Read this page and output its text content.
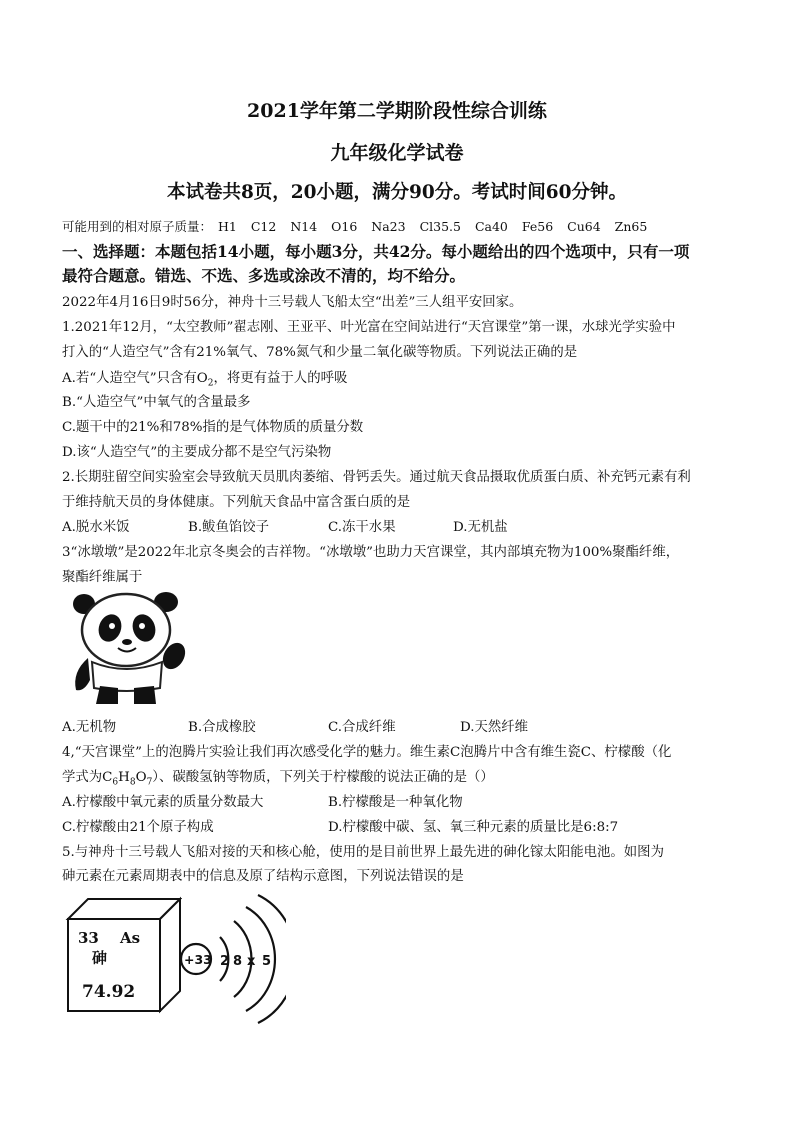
2021学年第二学期阶段性综合训练
九年级化学试卷
本试卷共8页，20小题，满分90分。考试时间60分钟。
可能用到的相对原子质量： H1 C12 N14 O16 Na23 Cl35.5 Ca40 Fe56 Cu64 Zn65
一、选择题：本题包括14小题，每小题3分，共42分。每小题给出的四个选项中，只有一项
最符合题意。错选、不选、多选或涂改不清的，均不给分。
2022年4月16日9时56分，神舟十三号载人飞船太空“出差”三人组平安回家。
1.2021年12月，“太空教师”翟志刚、王亚平、叶光富在空间站进行“天宫课堂”第一课，水球光学实验中
打入的“人造空气”含有21%氧气、78%氮气和少量二氧化碳等物质。下列说法正确的是
A.若“人造空气”只含有$O_2$，将更有益于人的呼吸
B.“人造空气”中氧气的含量最多
C.题干中的21%和78%指的是气体物质的质量分数
D.该“人造空气”的主要成分都不是空气污染物
2.长期驻留空间实验室会导致航天员肌肉萎缩、骨钙丢失。通过航天食品摄取优质蛋白质、补充钙元素有利
于维持航天员的身体健康。下列航天食品中富含蛋白质的是
A.脱水米饭	B.鲅鱼馅饺子	C.冻干水果	D.无机盐
3“冰墩墩”是2022年北京冬奥会的吉祥物。“冰墩墩”也助力天宫课堂，其内部填充物为100%聚酯纤维，
聚酯纤维属于
A.无机物	B.合成橡胶	C.合成纤维	D.天然纤维
4,“天宫课堂”上的泡腾片实验让我们再次感受化学的魅力。维生素C泡腾片中含有维生瓷C、柠檬酸（化
学式为$C_6H_8O_7$）、碳酸氢钠等物质，下列关于柠檬酸的说法正确的是（）
A.柠檬酸中氧元素的质量分数最大	B.柠檬酸是一种氧化物
C.柠檬酸由21个原子构成	D.柠檬酸中碳、氢、氧三种元素的质量比是6:8:7
5.与神舟十三号载人飞船对接的天和核心舱，使用的是目前世界上最先进的砷化镓太阳能电池。如图为
砷元素在元素周期表中的信息及原了结构示意图，下列说法错误的是
33 As
砷
74.92
+33 2 8 x 5
